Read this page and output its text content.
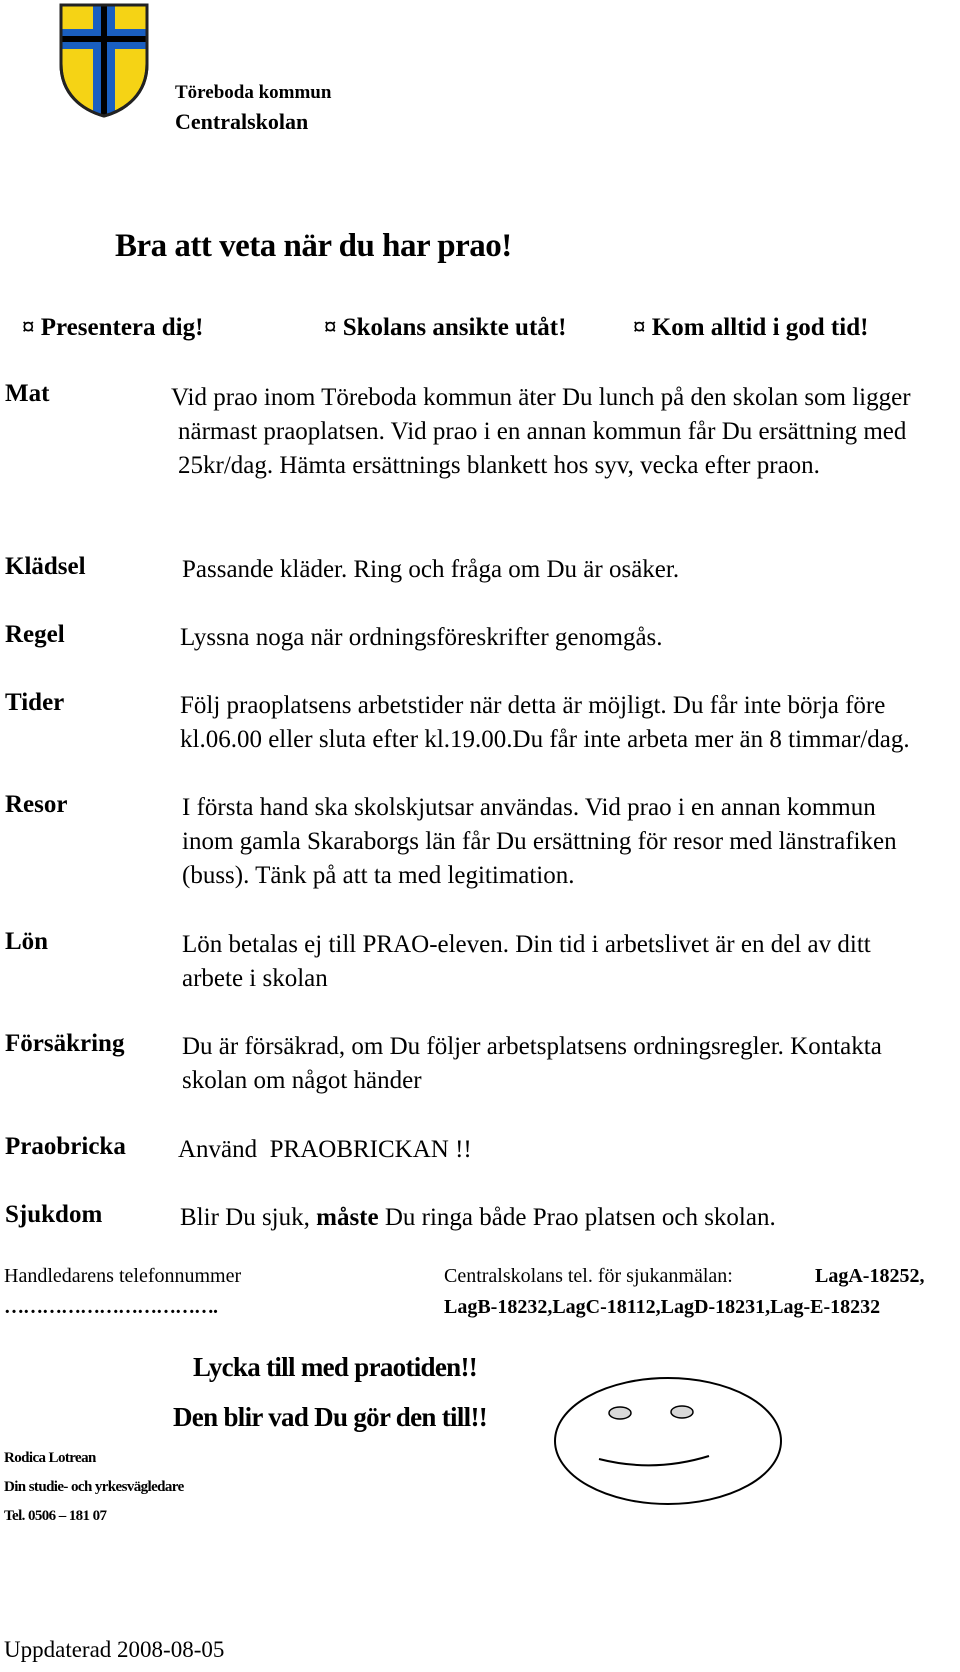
Töreboda kommun
Centralskolan
Bra att veta när du har prao!
¤ Presentera dig!	¤ Skolans ansikte utåt!	¤ Kom alltid i god tid!
Mat	Vid prao inom Töreboda kommun äter Du lunch på den skolan som ligger närmast praoplatsen. Vid prao i en annan kommun får Du ersättning med 25kr/dag. Hämta ersättnings blankett hos syv, vecka efter praon.
Klädsel	Passande kläder. Ring och fråga om Du är osäker.
Regel	Lyssna noga när ordningsföreskrifter genomgås.
Tider	Följ praoplatsens arbetstider när detta är möjligt. Du får inte börja före kl.06.00 eller sluta efter kl.19.00.Du får inte arbeta mer än 8 timmar/dag.
Resor	I första hand ska skolskjutsar användas. Vid prao i en annan kommun inom gamla Skaraborgs län får Du ersättning för resor med länstrafiken (buss). Tänk på att ta med legitimation.
Lön	Lön betalas ej till PRAO-eleven. Din tid i arbetslivet är en del av ditt arbete i skolan
Försäkring Du är försäkrad, om Du följer arbetsplatsens ordningsregler. Kontakta skolan om något händer
Praobricka Använd  PRAOBRICKAN !!
Sjukdom	Blir Du sjuk, måste Du ringa både Prao platsen och skolan.
Handledarens telefonnummer
…………………………….
Centralskolans tel. för sjukanmälan:	LagA-18252,
LagB-18232,LagC-18112,LagD-18231,Lag-E-18232
Lycka till med praotiden!!
Den blir vad Du gör den till!!
Rodica Lotrean
Din studie- och yrkesvägledare
Tel. 0506 – 181 07
Uppdaterad 2008-08-05
